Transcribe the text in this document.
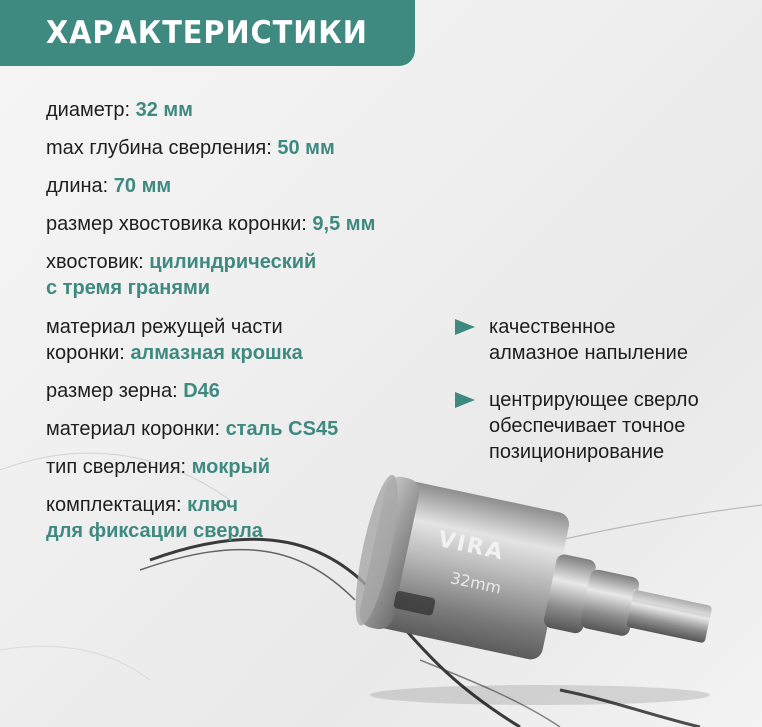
ХАРАКТЕРИСТИКИ
диаметр: 32 мм
max глубина сверления: 50 мм
длина: 70 мм
размер хвостовика коронки: 9,5 мм
хвостовик: цилиндрический
с тремя гранями
материал режущей части
коронки: алмазная крошка
размер зерна: D46
материал коронки: сталь CS45
тип сверления: мокрый
комплектация: ключ
для фиксации сверла
качественное
алмазное напыление
центрирующее сверло
обеспечивает точное
позиционирование
VIRA
32mm
